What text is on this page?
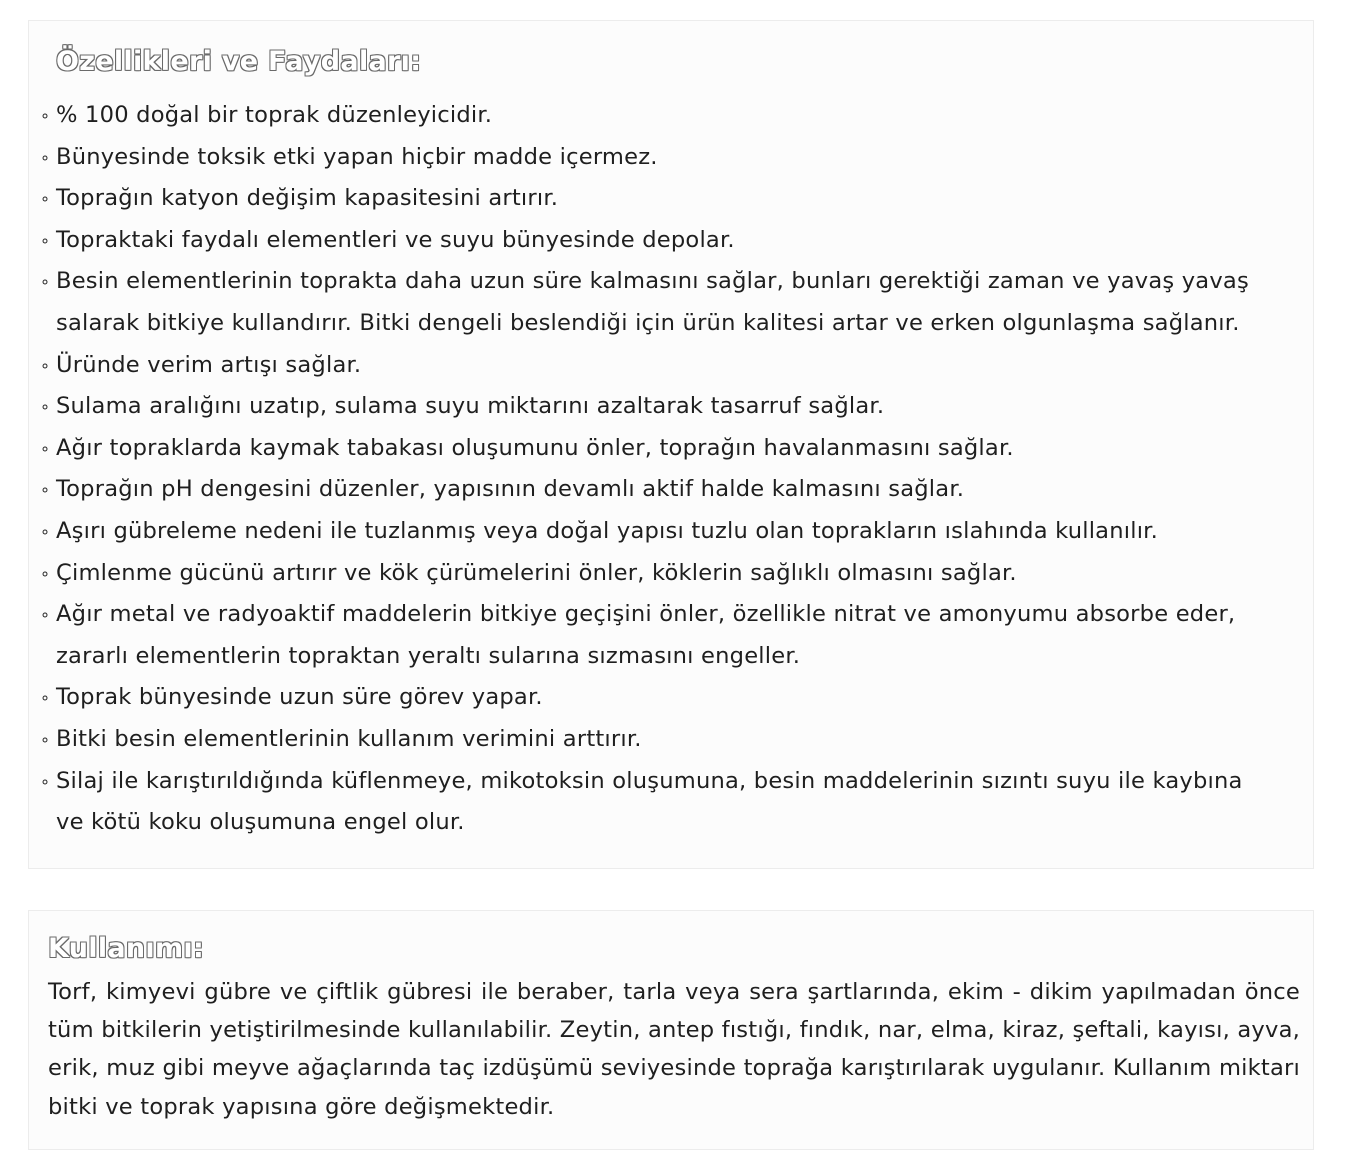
Özellikleri ve Faydaları:
∘ % 100 doğal bir toprak düzenleyicidir.
∘ Bünyesinde toksik etki yapan hiçbir madde içermez.
∘ Toprağın katyon değişim kapasitesini artırır.
∘ Topraktaki faydalı elementleri ve suyu bünyesinde depolar.
∘ Besin elementlerinin toprakta daha uzun süre kalmasını sağlar, bunları gerektiği zaman ve yavaş yavaş
salarak bitkiye kullandırır. Bitki dengeli beslendiği için ürün kalitesi artar ve erken olgunlaşma sağlanır.
∘ Üründe verim artışı sağlar.
∘ Sulama aralığını uzatıp, sulama suyu miktarını azaltarak tasarruf sağlar.
∘ Ağır topraklarda kaymak tabakası oluşumunu önler, toprağın havalanmasını sağlar.
∘ Toprağın pH dengesini düzenler, yapısının devamlı aktif halde kalmasını sağlar.
∘ Aşırı gübreleme nedeni ile tuzlanmış veya doğal yapısı tuzlu olan toprakların ıslahında kullanılır.
∘ Çimlenme gücünü artırır ve kök çürümelerini önler, köklerin sağlıklı olmasını sağlar.
∘ Ağır metal ve radyoaktif maddelerin bitkiye geçişini önler, özellikle nitrat ve amonyumu absorbe eder,
zararlı elementlerin topraktan yeraltı sularına sızmasını engeller.
∘ Toprak bünyesinde uzun süre görev yapar.
∘ Bitki besin elementlerinin kullanım verimini arttırır.
∘ Silaj ile karıştırıldığında küflenmeye, mikotoksin oluşumuna, besin maddelerinin sızıntı suyu ile kaybına
ve kötü koku oluşumuna engel olur.
Kullanımı:

Torf, kimyevi gübre ve çiftlik gübresi ile beraber, tarla veya sera şartlarında, ekim - dikim yapılmadan önce tüm bitkilerin yetiştirilmesinde kullanılabilir. Zeytin, antep fıstığı, fındık, nar, elma, kiraz, şeftali, kayısı, ayva, erik, muz gibi meyve ağaçlarında taç izdüşümü seviyesinde toprağa karıştırılarak uygulanır. Kullanım miktarı bitki ve toprak yapısına göre değişmektedir.
